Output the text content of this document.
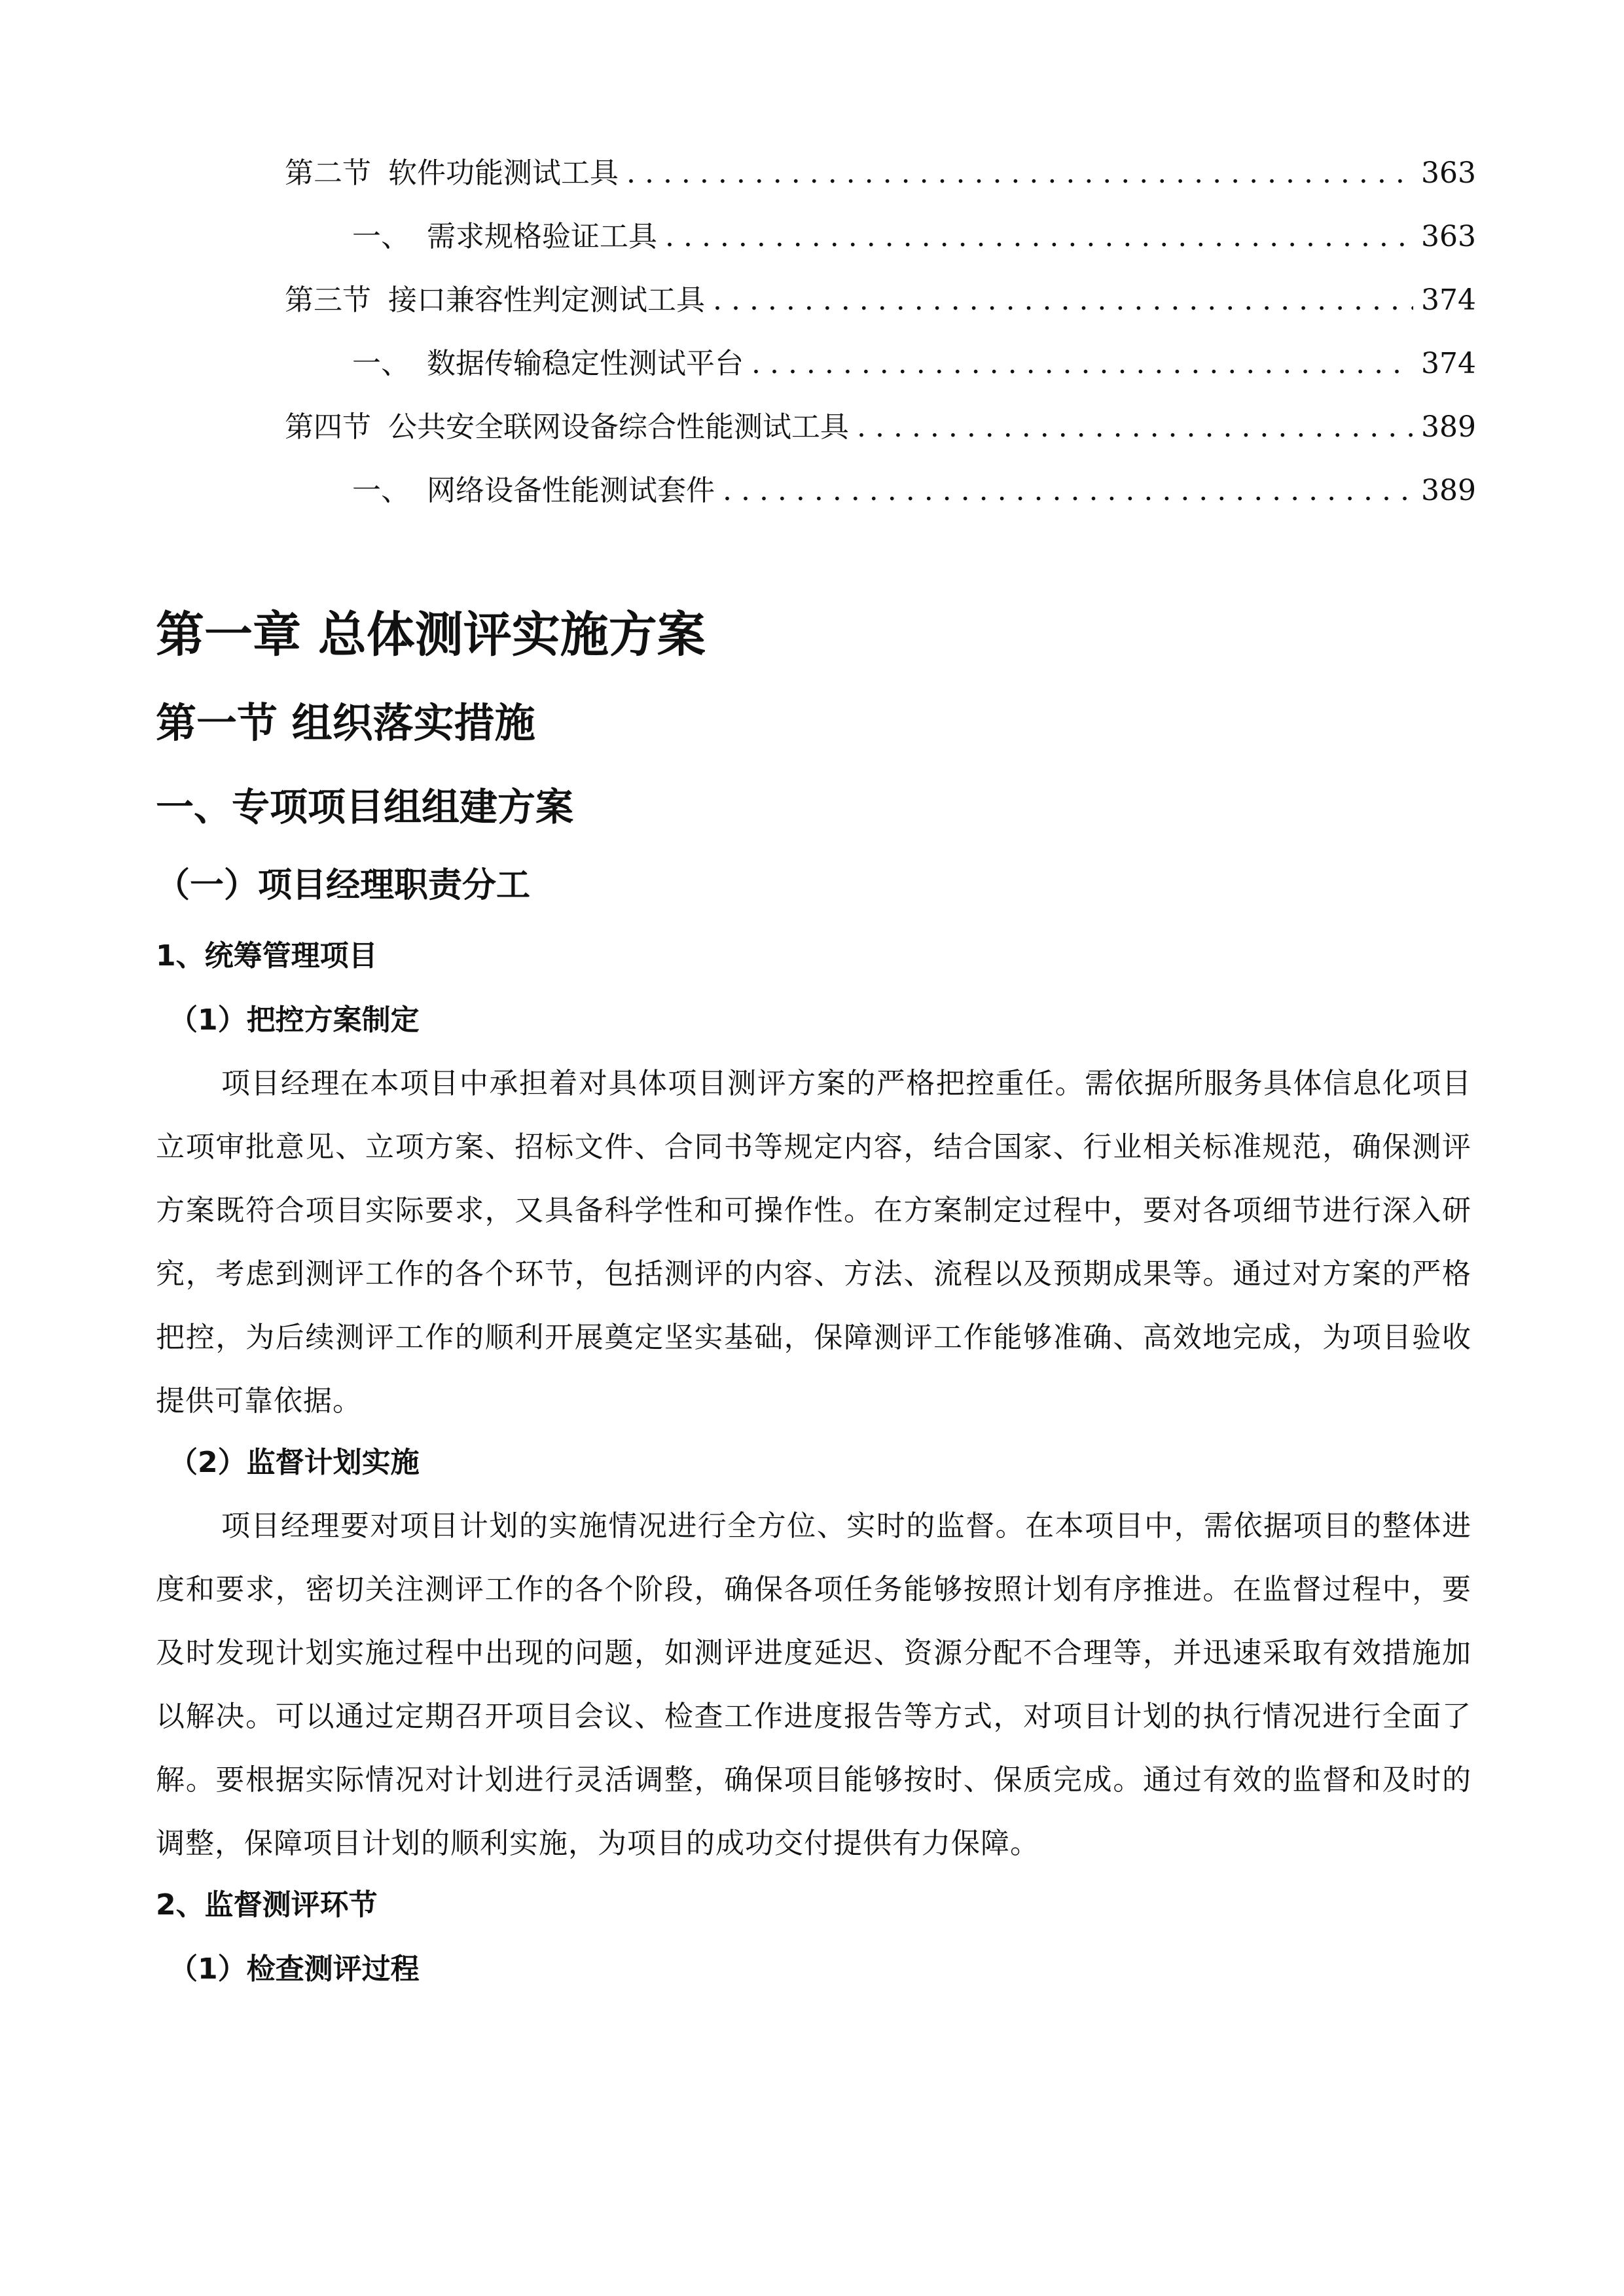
第二节 软件功能测试工具 . . .	363
一、 需求规格验证工具 . . .	363
第三节 接口兼容性判定测试工具 . . .	374
一、 数据传输稳定性测试平台 . . .	374
第四节 公共安全联网设备综合性能测试工具 . . .	389
一、 网络设备性能测试套件 . . .	389
第一章 总体测评实施方案
第一节 组织落实措施
一、专项项目组组建方案
（一）项目经理职责分工
1、统筹管理项目
（1）把控方案制定

项目经理在本项目中承担着对具体项目测评方案的严格把控重任。需依据所服务具体信息化项目立项审批意见、立项方案、招标文件、合同书等规定内容，结合国家、行业相关标准规范，确保测评方案既符合项目实际要求，又具备科学性和可操作性。在方案制定过程中，要对各项细节进行深入研究，考虑到测评工作的各个环节，包括测评的内容、方法、流程以及预期成果等。通过对方案的严格把控，为后续测评工作的顺利开展奠定坚实基础，保障测评工作能够准确、高效地完成，为项目验收提供可靠依据。

（2）监督计划实施

项目经理要对项目计划的实施情况进行全方位、实时的监督。在本项目中，需依据项目的整体进度和要求，密切关注测评工作的各个阶段，确保各项任务能够按照计划有序推进。在监督过程中，要及时发现计划实施过程中出现的问题，如测评进度延迟、资源分配不合理等，并迅速采取有效措施加以解决。可以通过定期召开项目会议、检查工作进度报告等方式，对项目计划的执行情况进行全面了解。要根据实际情况对计划进行灵活调整，确保项目能够按时、保质完成。通过有效的监督和及时的调整，保障项目计划的顺利实施，为项目的成功交付提供有力保障。

2、监督测评环节
（1）检查测评过程
